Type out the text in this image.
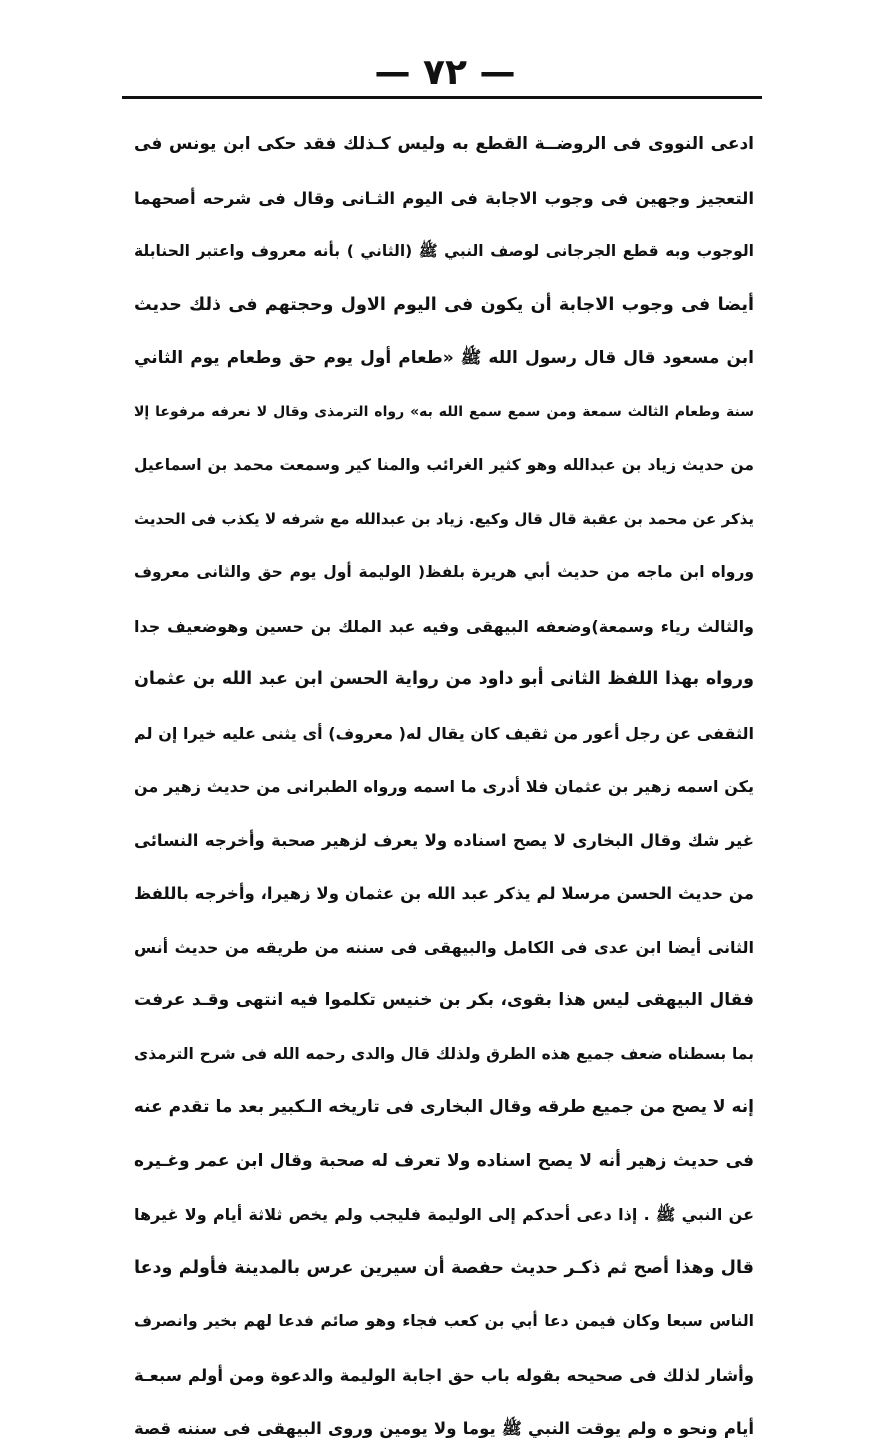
— ٧٢ —
ادعى النووى فى الروضــة القطع به وليس كـذلك فقد حكى ابن يونس فى
التعجيز وجهين فى وجوب الاجابة فى اليوم الثـانى وقال فى شرحه أصحهما
الوجوب وبه قطع الجرجانى لوصف النبي ﷺ (الثاني ) بأنه معروف واعتبر الحنابلة
أيضا فى وجوب الاجابة أن يكون فى اليوم الاول وحجتهم فى ذلك حديث
ابن مسعود قال قال رسول الله ﷺ «طعام أول يوم حق وطعام يوم الثاني
سنة وطعام الثالث سمعة ومن سمع سمع الله به» رواه الترمذى وقال لا نعرفه مرفوعا إلا
من حديث زياد بن عبدالله وهو كثير الغرائب والمنا كير وسمعت محمد بن اسماعيل
يذكر عن محمد بن عقبة قال قال وكيع. زياد بن عبدالله مع شرفه لا يكذب فى الحديث
ورواه ابن ماجه من حديث أبي هريرة بلفظ( الوليمة أول يوم حق والثانى معروف
والثالث رياء وسمعة)وضعفه البيهقى وفيه عبد الملك بن حسين وهوضعيف جدا
ورواه بهذا اللفظ الثانى أبو داود من رواية الحسن ابن عبد الله بن عثمان
الثقفى عن رجل أعور من ثقيف كان يقال له( معروف) أى يثنى عليه خيرا إن لم
يكن اسمه زهير بن عثمان فلا أدرى ما اسمه ورواه الطبرانى من حديث زهير من
غير شك وقال البخارى لا يصح اسناده ولا يعرف لزهير صحبة وأخرجه النسائى
من حديث الحسن مرسلا لم يذكر عبد الله بن عثمان ولا زهيرا، وأخرجه باللفظ
الثانى أيضا ابن عدى فى الكامل والبيهقى فى سننه من طريقه من حديث أنس
فقال البيهقى ليس هذا بقوى، بكر بن خنيس تكلموا فيه انتهى وقـد عرفت
بما بسطناه ضعف جميع هذه الطرق ولذلك قال والدى رحمه الله فى شرح الترمذى
إنه لا يصح من جميع طرقه وقال البخارى فى تاريخه الـكبير بعد ما تقدم عنه
فى حديث زهير أنه لا يصح اسناده ولا تعرف له صحبة وقال ابن عمر وغـيره
عن النبي ﷺ . إذا دعى أحدكم إلى الوليمة فليجب ولم يخص ثلاثة أيام ولا غيرها
قال وهذا أصح ثم ذكـر حديث حفصة أن سيرين عرس بالمدينة فأولم ودعا
الناس سبعا وكان فيمن دعا أبي بن كعب فجاء وهو صائم فدعا لهم بخير وانصرف
وأشار لذلك فى صحيحه بقوله باب حق اجابة الوليمة والدعوة ومن أولم سبعـة
أيام ونحو ه ولم يوقت النبي ﷺ يوما ولا يومين وروى البيهقى فى سننه قصة
